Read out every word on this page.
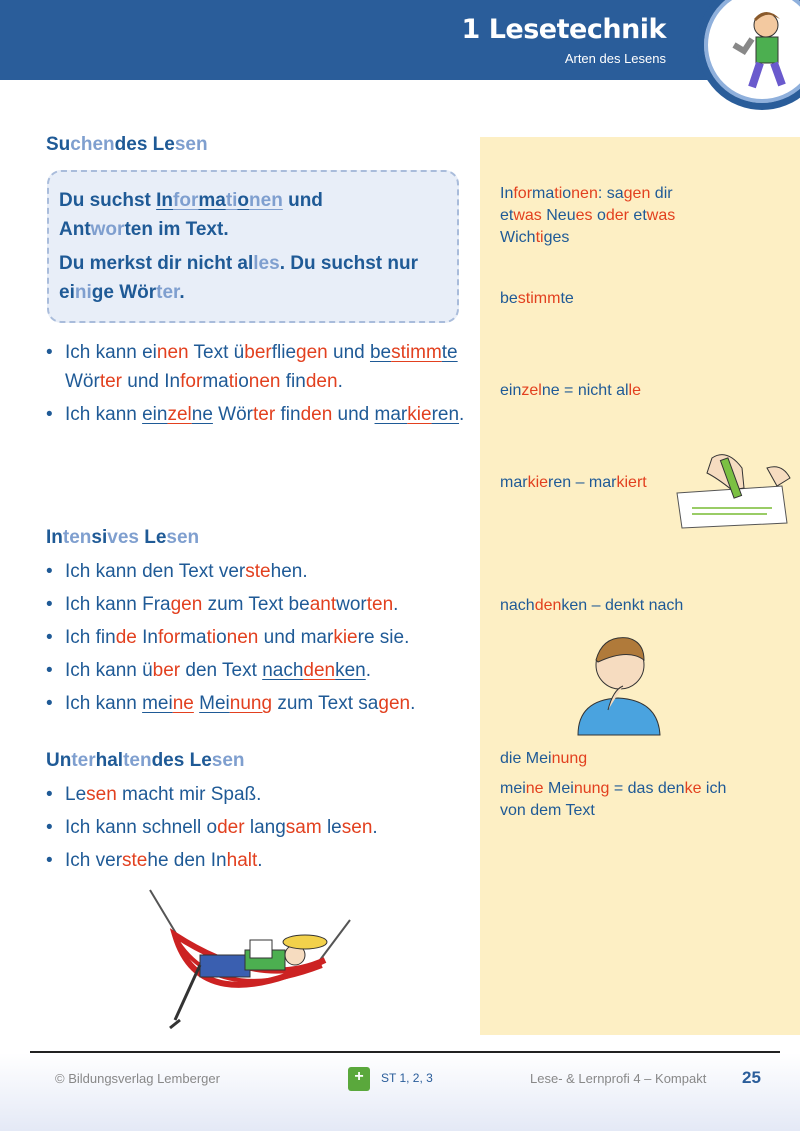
1 Lesetechnik
Arten des Lesens
Suchendes Lesen
Du suchst Informationen und
Antworten im Text.
Du merkst dir nicht alles. Du suchst nur
einige Wörter.
• Ich kann einen Text überfliegen und bestimmte Wörter und Informationen finden.
• Ich kann einzelne Wörter finden und markieren.
Intensives Lesen
• Ich kann den Text verstehen.
• Ich kann Fragen zum Text beantworten.
• Ich finde Informationen und markiere sie.
• Ich kann über den Text nachdenken.
• Ich kann meine Meinung zum Text sagen.
Unterhaltendes Lesen
• Lesen macht mir Spaß.
• Ich kann schnell oder langsam lesen.
• Ich verstehe den Inhalt.
Informationen: sagen dir etwas Neues oder etwas Wichtiges
bestimmte
einzelne = nicht alle
markieren – markiert
nachdenken – denkt nach
die Meinung
meine Meinung = das denke ich von dem Text
© Bildungsverlag Lemberger	+	ST 1, 2, 3	Lese- & Lernprofi 4 – Kompakt 25
